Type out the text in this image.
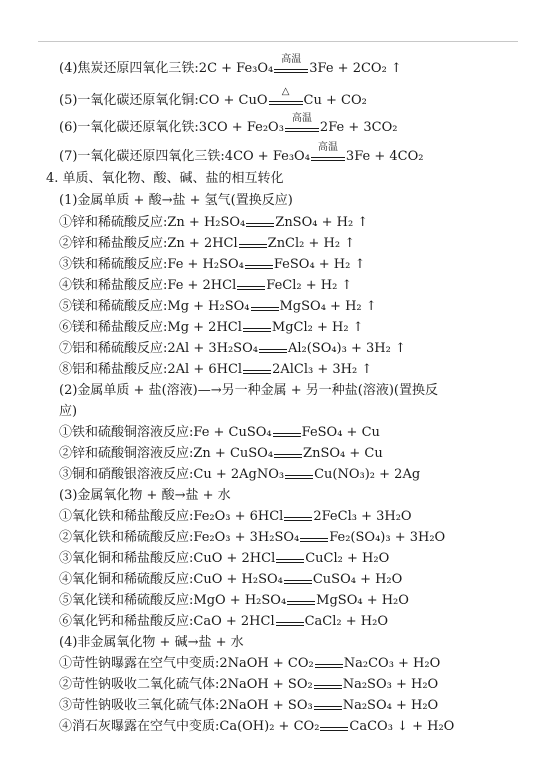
(4)焦炭还原四氧化三铁:2C + Fe₃O₄
高温
3Fe + 2CO₂ ↑
(5)一氧化碳还原氧化铜:CO + CuO
△
Cu + CO₂
(6)一氧化碳还原氧化铁:3CO + Fe₂O₃
高温
2Fe + 3CO₂
(7)一氧化碳还原四氧化三铁:4CO + Fe₃O₄
高温
3Fe + 4CO₂
4. 单质、氧化物、酸、碱、盐的相互转化
(1)金属单质 + 酸→盐 + 氢气(置换反应)
①锌和稀硫酸反应:Zn + H₂SO₄ ZnSO₄ + H₂ ↑
②锌和稀盐酸反应:Zn + 2HCl ZnCl₂ + H₂ ↑
③铁和稀硫酸反应:Fe + H₂SO₄ FeSO₄ + H₂ ↑
④铁和稀盐酸反应:Fe + 2HCl FeCl₂ + H₂ ↑
⑤镁和稀硫酸反应:Mg + H₂SO₄ MgSO₄ + H₂ ↑
⑥镁和稀盐酸反应:Mg + 2HCl MgCl₂ + H₂ ↑
⑦铝和稀硫酸反应:2Al + 3H₂SO₄ Al₂(SO₄)₃ + 3H₂ ↑
⑧铝和稀盐酸反应:2Al + 6HCl 2AlCl₃ + 3H₂ ↑
(2)金属单质 + 盐(溶液)—→另一种金属 + 另一种盐(溶液)(置换反
应)
①铁和硫酸铜溶液反应:Fe + CuSO₄ FeSO₄ + Cu
②锌和硫酸铜溶液反应:Zn + CuSO₄ ZnSO₄ + Cu
③铜和硝酸银溶液反应:Cu + 2AgNO₃ Cu(NO₃)₂ + 2Ag
(3)金属氧化物 + 酸→盐 + 水
①氧化铁和稀盐酸反应:Fe₂O₃ + 6HCl 2FeCl₃ + 3H₂O
②氧化铁和稀硫酸反应:Fe₂O₃ + 3H₂SO₄ Fe₂(SO₄)₃ + 3H₂O
③氧化铜和稀盐酸反应:CuO + 2HCl CuCl₂ + H₂O
④氧化铜和稀硫酸反应:CuO + H₂SO₄ CuSO₄ + H₂O
⑤氧化镁和稀硫酸反应:MgO + H₂SO₄ MgSO₄ + H₂O
⑥氧化钙和稀盐酸反应:CaO + 2HCl CaCl₂ + H₂O
(4)非金属氧化物 + 碱→盐 + 水
①苛性钠曝露在空气中变质:2NaOH + CO₂ Na₂CO₃ + H₂O
②苛性钠吸收二氧化硫气体:2NaOH + SO₂ Na₂SO₃ + H₂O
③苛性钠吸收三氧化硫气体:2NaOH + SO₃ Na₂SO₄ + H₂O
④消石灰曝露在空气中变质:Ca(OH)₂ + CO₂ CaCO₃ ↓ + H₂O
